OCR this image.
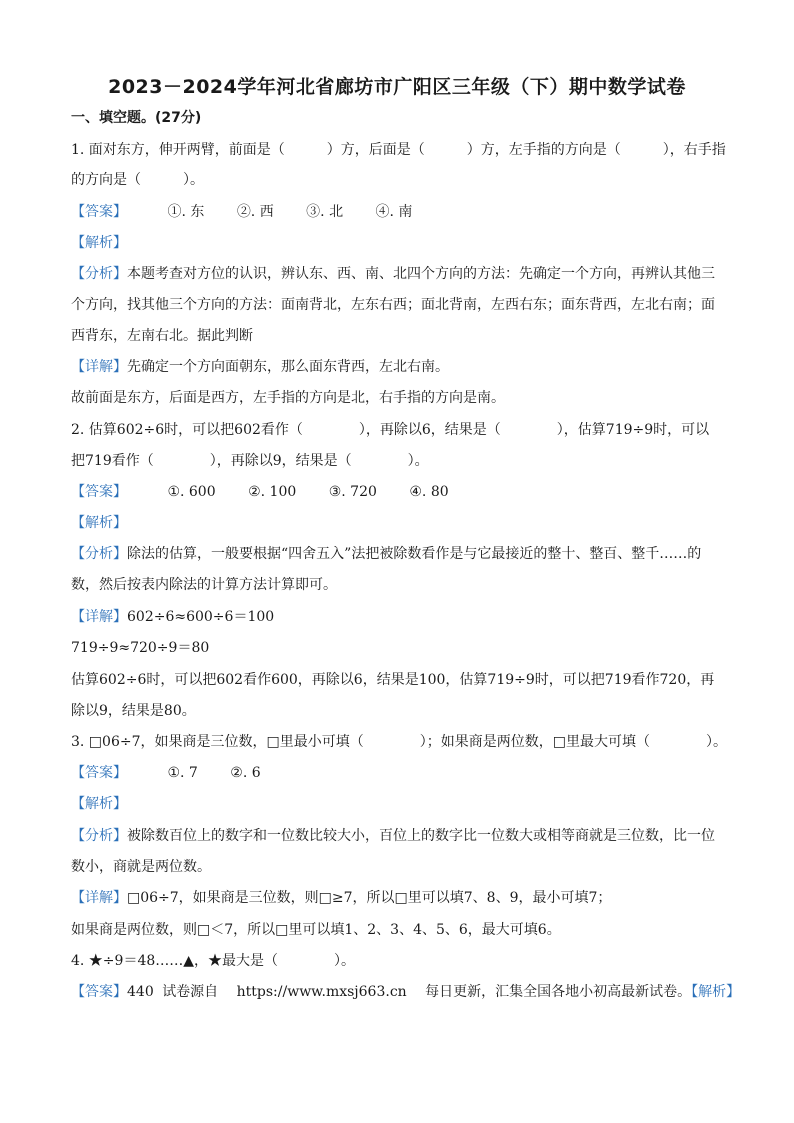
2023－2024学年河北省廊坊市广阳区三年级（下）期中数学试卷
一、填空题。(27分)
1. 面对东方，伸开两臂，前面是（　　　）方，后面是（　　　）方，左手指的方向是（　　　），右手指
的方向是（　　　）。
【答案】	①. 东 ②. 西 ③. 北 ④. 南
【解析】
【分析】本题考查对方位的认识，辨认东、西、南、北四个方向的方法：先确定一个方向，再辨认其他三
个方向，找其他三个方向的方法：面南背北，左东右西；面北背南，左西右东；面东背西，左北右南；面
西背东，左南右北。据此判断
【详解】先确定一个方向面朝东，那么面东背西，左北右南。
故前面是东方，后面是西方，左手指的方向是北，右手指的方向是南。
2. 估算602÷6时，可以把602看作（　　　　），再除以6，结果是（　　　　），估算719÷9时，可以
把719看作（　　　　），再除以9，结果是（　　　　）。
【答案】	①. 600 ②. 100 ③. 720 ④. 80
【解析】
【分析】除法的估算，一般要根据“四舍五入”法把被除数看作是与它最接近的整十、整百、整千……的
数，然后按表内除法的计算方法计算即可。
【详解】602÷6≈600÷6＝100
719÷9≈720÷9＝80
估算602÷6时，可以把602看作600，再除以6，结果是100，估算719÷9时，可以把719看作720，再
除以9，结果是80。
3. □06÷7，如果商是三位数，□里最小可填（　　　　）；如果商是两位数，□里最大可填（　　　　）。
【答案】	①. 7 ②. 6
【解析】
【分析】被除数百位上的数字和一位数比较大小，百位上的数字比一位数大或相等商就是三位数，比一位
数小，商就是两位数。
【详解】□06÷7，如果商是三位数，则□≥7，所以□里可以填7、8、9，最小可填7；
如果商是两位数，则□＜7，所以□里可以填1、2、3、4、5、6，最大可填6。
4. ★÷9＝48……▲，★最大是（　　　　）。
【答案】440 试卷源自 https://www.mxsj663.cn 每日更新，汇集全国各地小初高最新试卷。【解析】
